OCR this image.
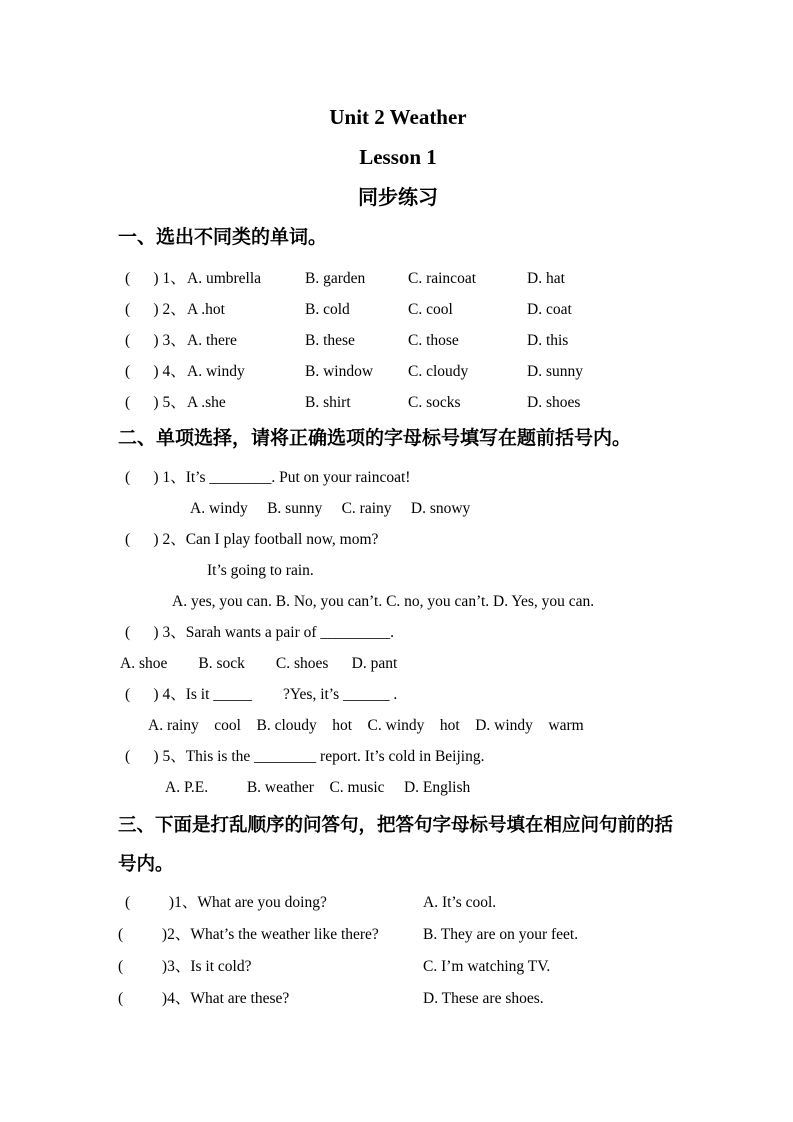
Unit 2 Weather
Lesson 1
同步练习
一、选出不同类的单词。
(      ) 1、 A. umbrella	B. garden	C. raincoat	D. hat
(      ) 2、 A .hot	B. cold	C. cool	D. coat
(      ) 3、 A. there	B. these	C. those	D. this
(      ) 4、 A. windy	B. window	C. cloudy	D. sunny
(      ) 5、 A .she	B. shirt	C. socks	D. shoes
二、单项选择，请将正确选项的字母标号填写在题前括号内。
(      ) 1、It’s ________. Put on your raincoat!
A. windy     B. sunny     C. rainy     D. snowy
(      ) 2、Can I play football now, mom?
It’s going to rain.
A. yes, you can. B. No, you can’t. C. no, you can’t. D. Yes, you can.
(      ) 3、Sarah wants a pair of _________.
A. shoe        B. sock        C. shoes      D. pant
(      ) 4、Is it _____        ?Yes, it’s ______ .
A. rainy    cool    B. cloudy    hot    C. windy    hot    D. windy    warm
(      ) 5、This is the ________ report. It’s cold in Beijing.
A. P.E.          B. weather    C. music     D. English
三、下面是打乱顺序的问答句，把答句字母标号填在相应问句前的括号内。
(          )1、What are you doing?	A. It’s cool.
(          )2、What’s the weather like there?	B. They are on your feet.
(          )3、Is it cold?	C. I’m watching TV.
(          )4、What are these?	D. These are shoes.
